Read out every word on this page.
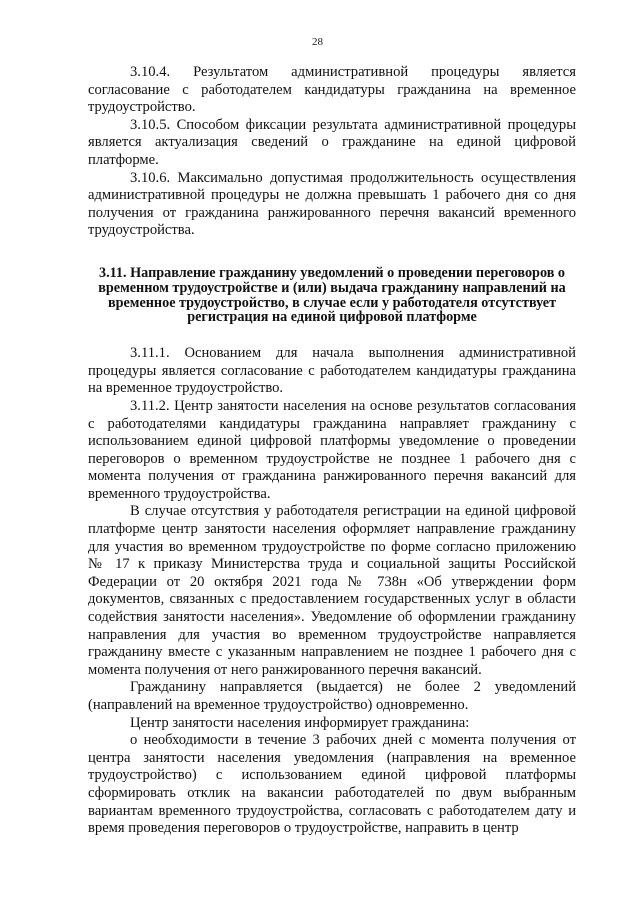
28

3.10.4. Результатом административной процедуры является согласование с работодателем кандидатуры гражданина на временное трудоустройство.

3.10.5. Способом фиксации результата административной процедуры является актуализация сведений о гражданине на единой цифровой платформе.

3.10.6. Максимально допустимая продолжительность осуществления административной процедуры не должна превышать 1 рабочего дня со дня получения от гражданина ранжированного перечня вакансий временного трудоустройства.

3.11. Направление гражданину уведомлений о проведении переговоров о временном трудоустройстве и (или) выдача гражданину направлений на временное трудоустройство, в случае если у работодателя отсутствует регистрация на единой цифровой платформе

3.11.1. Основанием для начала выполнения административной процедуры является согласование с работодателем кандидатуры гражданина на временное трудоустройство.

3.11.2. Центр занятости населения на основе результатов согласования с работодателями кандидатуры гражданина направляет гражданину с использованием единой цифровой платформы уведомление о проведении переговоров о временном трудоустройстве не позднее 1 рабочего дня с момента получения от гражданина ранжированного перечня вакансий для временного трудоустройства.

В случае отсутствия у работодателя регистрации на единой цифровой платформе центр занятости населения оформляет направление гражданину для участия во временном трудоустройстве по форме согласно приложению № 17 к приказу Министерства труда и социальной защиты Российской Федерации от 20 октября 2021 года № 738н «Об утверждении форм документов, связанных с предоставлением государственных услуг в области содействия занятости населения». Уведомление об оформлении гражданину направления для участия во временном трудоустройстве направляется гражданину вместе с указанным направлением не позднее 1 рабочего дня с момента получения от него ранжированного перечня вакансий.

Гражданину направляется (выдается) не более 2 уведомлений (направлений на временное трудоустройство) одновременно.

Центр занятости населения информирует гражданина:

о необходимости в течение 3 рабочих дней с момента получения от центра занятости населения уведомления (направления на временное трудоустройство) с использованием единой цифровой платформы сформировать отклик на вакансии работодателей по двум выбранным вариантам временного трудоустройства, согласовать с работодателем дату и время проведения переговоров о трудоустройстве, направить в центр
